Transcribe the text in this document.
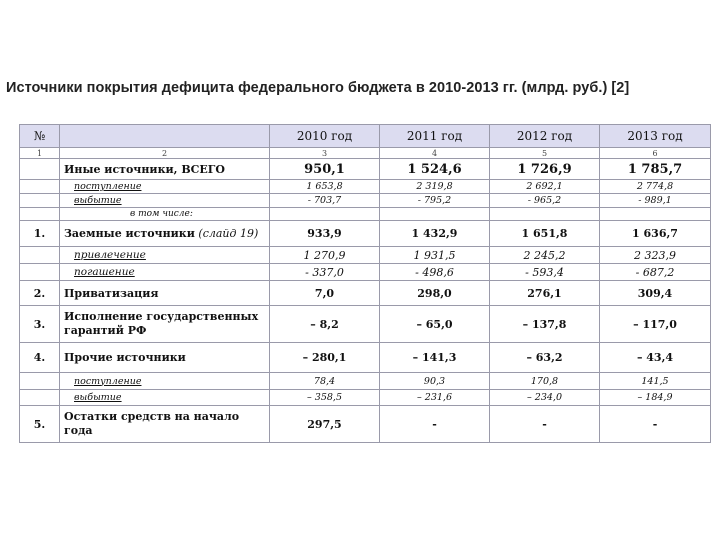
Источники покрытия дефицита федерального бюджета в 2010-2013 гг. (млрд. руб.) [2]
№		2010 год	2011 год	2012 год	2013 год
1	2	3	4	5	6
	Иные источники, ВСЕГО	950,1	1 524,6	1 726,9	1 785,7
	поступление	1 653,8	2 319,8	2 692,1	2 774,8
	выбытие	- 703,7	- 795,2	- 965,2	- 989,1
	в том числе:				
1.	Заемные источники (слайд 19)	933,9	1 432,9	1 651,8	1 636,7
	привлечение	1 270,9	1 931,5	2 245,2	2 323,9
	погашение	- 337,0	- 498,6	- 593,4	- 687,2
2.	Приватизация	7,0	298,0	276,1	309,4
3.	Исполнение государственных гарантий РФ	– 8,2	– 65,0	– 137,8	– 117,0
4.	Прочие источники	– 280,1	– 141,3	– 63,2	– 43,4
	поступление	78,4	90,3	170,8	141,5
	выбытие	– 358,5	– 231,6	– 234,0	– 184,9
5.	Остатки средств на начало года	297,5	-	-	-
